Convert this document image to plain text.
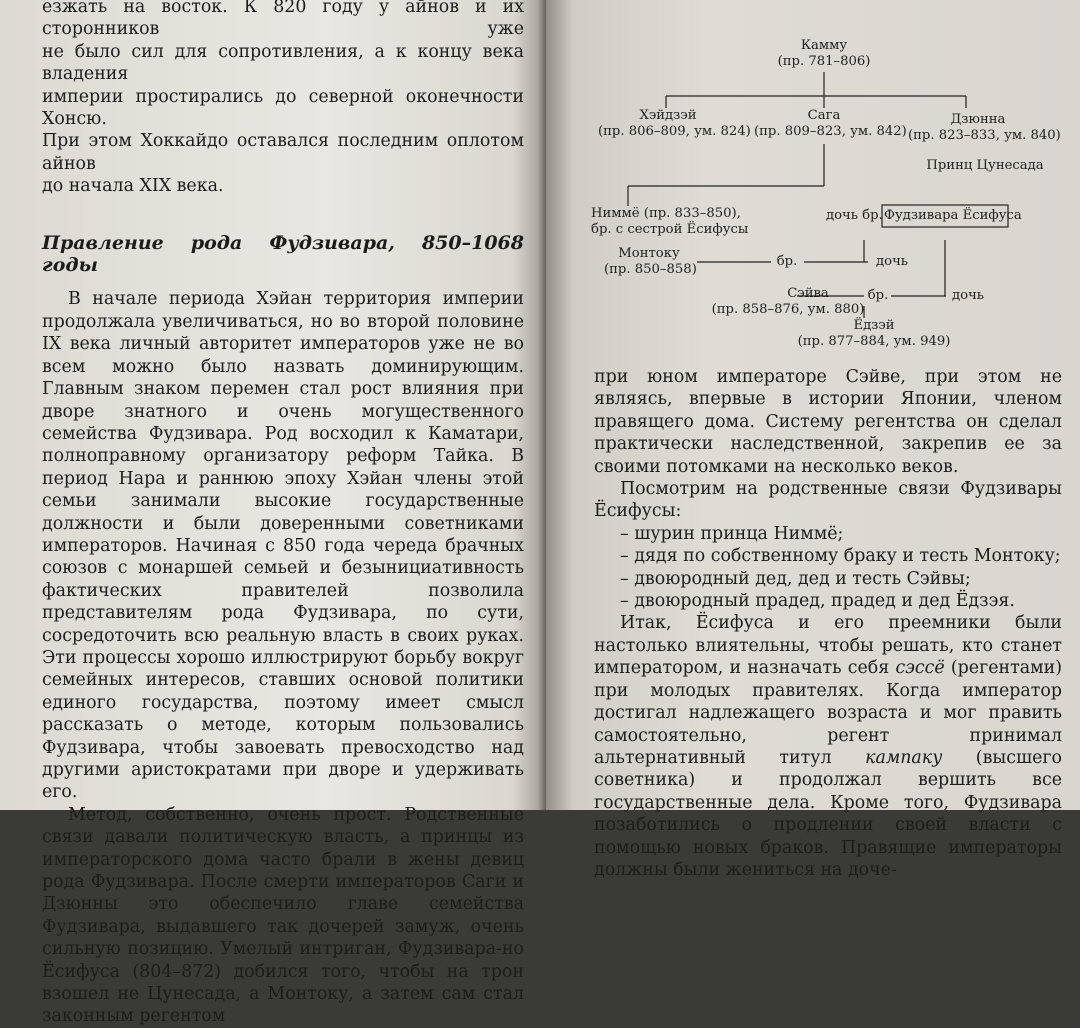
езжать на восток. К 820 году у айнов и их сторонников уже
не было сил для сопротивления, а к концу века владения
империи простирались до северной оконечности Хонсю.
При этом Хоккайдо оставался последним оплотом айнов
до начала XIX века.

Правление рода Фудзивара, 850–1068 годы

В начале периода Хэйан территория империи продолжала увеличиваться, но во второй половине IX века личный авторитет императоров уже не во всем можно было назвать доминирующим. Главным знаком перемен стал рост влияния при дворе знатного и очень могущественного семейства Фудзивара. Род восходил к Каматари, полноправному организатору реформ Тайка. В период Нара и раннюю эпоху Хэйан члены этой семьи занимали высокие государственные должности и были доверенными советниками императоров. Начиная с 850 года череда брачных союзов с монаршей семьей и безынициативность фактических правителей позволила представителям рода Фудзивара, по сути, сосредоточить всю реальную власть в своих руках. Эти процессы хорошо иллюстрируют борьбу вокруг семейных интересов, ставших основой политики единого государства, поэтому имеет смысл рассказать о методе, которым пользовались Фудзивара, чтобы завоевать превосходство над другими аристократами при дворе и удерживать его.

Метод, собственно, очень прост. Родственные связи давали политическую власть, а принцы из императорского дома часто брали в жены девиц рода Фудзивара. После смерти императоров Саги и Дзюнны это обеспечило главе семейства Фудзивара, выдавшего так дочерей замуж, очень сильную позицию. Умелый интриган, Фудзивара-но Ёсифуса (804–872) добился того, чтобы на трон взошел не Цунесада, а Монтоку, а затем сам стал законным регентом

Камму
(пр. 781–806)
Хэйдзэй
(пр. 806–809, ум. 824)
Сага
(пр. 809–823, ум. 842)
Дзюнна
(пр. 823–833, ум. 840)
Принц Цунесада
Ниммё (пр. 833–850),
бр. с сестрой Ёсифусы
дочь бр. Фудзивара Ёсифуса
Монтоку
(пр. 850–858)
бр.	дочь
Сэйва
(пр. 858–876, ум. 880)
бр.	дочь
Ёдзэй
(пр. 877–884, ум. 949)

при юном императоре Сэйве, при этом не являясь, впервые в истории Японии, членом правящего дома. Систему регентства он сделал практически наследственной, закрепив ее за своими потомками на несколько веков.

Посмотрим на родственные связи Фудзивары Ёсифусы:

– шурин принца Ниммё;
– дядя по собственному браку и тесть Монтоку;
– двоюродный дед, дед и тесть Сэйвы;
– двоюродный прадед, прадед и дед Ёдзэя.

Итак, Ёсифуса и его преемники были настолько влиятельны, чтобы решать, кто станет императором, и назначать себя сэссё (регентами) при молодых правителях. Когда император достигал надлежащего возраста и мог править самостоятельно, регент принимал альтернативный титул кампаку (высшего советника) и продолжал вершить все государственные дела. Кроме того, Фудзивара позаботились о продлении своей власти с помощью новых браков. Правящие императоры должны были жениться на доче-
